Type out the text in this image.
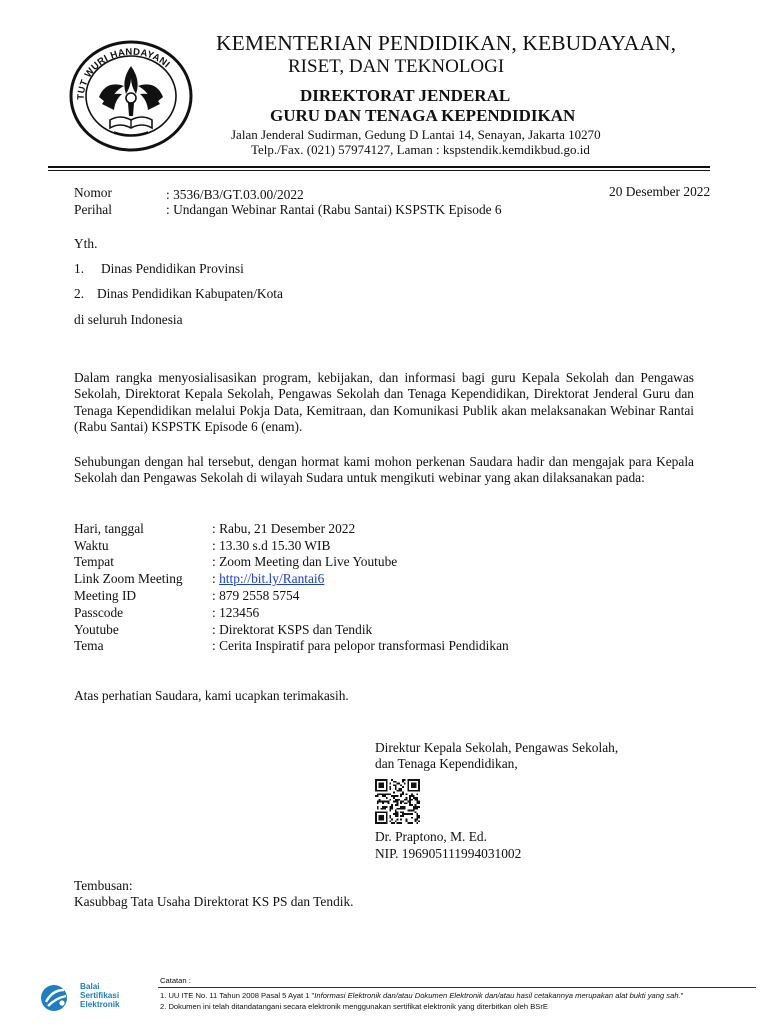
TUT WURI HANDAYANI
KEMENTERIAN PENDIDIKAN, KEBUDAYAAN,
RISET, DAN TEKNOLOGI
DIREKTORAT JENDERAL
GURU DAN TENAGA KEPENDIDIKAN
Jalan Jenderal Sudirman, Gedung D Lantai 14, Senayan, Jakarta 10270
Telp./Fax. (021) 57974127, Laman : kspstendik.kemdikbud.go.id
Nomor	: 3536/B3/GT.03.00/2022	20 Desember 2022
Perihal	: Undangan Webinar Rantai (Rabu Santai) KSPSTK Episode 6
Yth.
1. Dinas Pendidikan Provinsi
2. Dinas Pendidikan Kabupaten/Kota
di seluruh Indonesia
Dalam rangka menyosialisasikan program, kebijakan, dan informasi bagi guru Kepala Sekolah dan Pengawas Sekolah, Direktorat Kepala Sekolah, Pengawas Sekolah dan Tenaga Kependidikan, Direktorat Jenderal Guru dan Tenaga Kependidikan melalui Pokja Data, Kemitraan, dan Komunikasi Publik akan melaksanakan Webinar Rantai (Rabu Santai) KSPSTK Episode 6 (enam).
Sehubungan dengan hal tersebut, dengan hormat kami mohon perkenan Saudara hadir dan mengajak para Kepala Sekolah dan Pengawas Sekolah di wilayah Sudara untuk mengikuti webinar yang akan dilaksanakan pada:
Hari, tanggal	: Rabu, 21 Desember 2022
Waktu	: 13.30 s.d 15.30 WIB
Tempat	: Zoom Meeting dan Live Youtube
Link Zoom Meeting : http://bit.ly/Rantai6
Meeting ID	: 879 2558 5754
Passcode	: 123456
Youtube	: Direktorat KSPS dan Tendik
Tema	: Cerita Inspiratif para pelopor transformasi Pendidikan
Atas perhatian Saudara, kami ucapkan terimakasih.
Direktur Kepala Sekolah, Pengawas Sekolah,
dan Tenaga Kependidikan,
Dr. Praptono, M. Ed.
NIP. 196905111994031002
Tembusan:
Kasubbag Tata Usaha Direktorat KS PS dan Tendik.
Balai
Sertifikasi
Elektronik
Catatan :
1. UU ITE No. 11 Tahun 2008 Pasal 5 Ayat 1 "Informasi Elektronik dan/atau Dokumen Elektronik dan/atau hasil cetakannya merupakan alat bukti yang sah."
2. Dokumen ini telah ditandatangani secara elektronik menggunakan sertifikat elektronik yang diterbitkan oleh BSrE
